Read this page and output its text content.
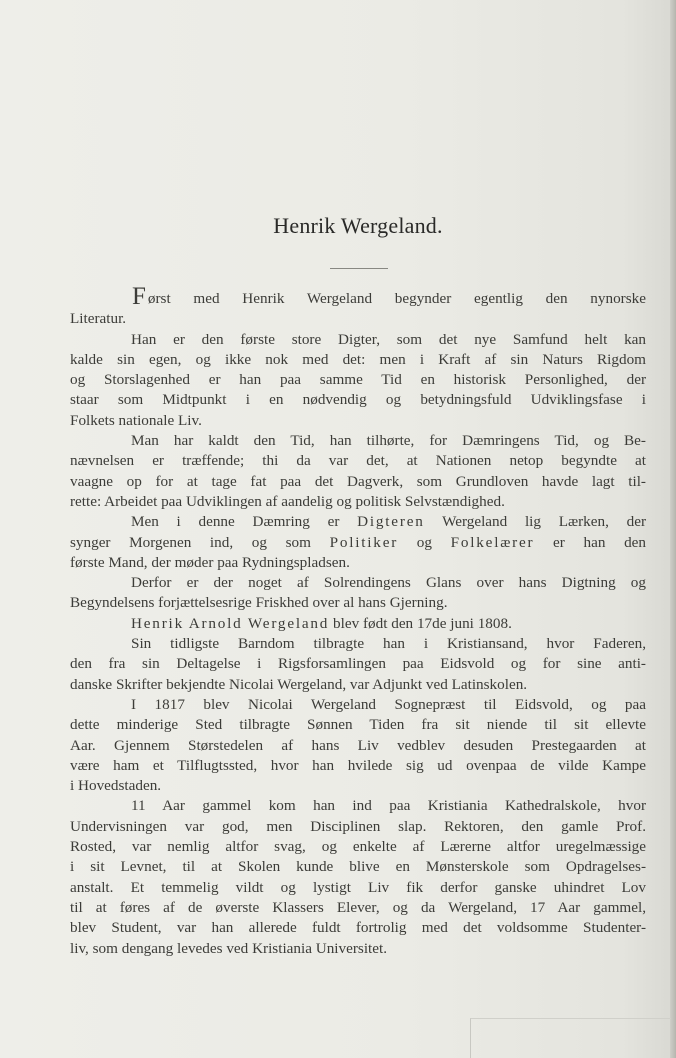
Henrik Wergeland.

Først med Henrik Wergeland begynder egentlig den nynorske

Literatur.

Han er den første store Digter, som det nye Samfund helt kan

kalde sin egen, og ikke nok med det: men i Kraft af sin Naturs Rigdom

og Storslagenhed er han paa samme Tid en historisk Personlighed, der

staar som Midtpunkt i en nødvendig og betydningsfuld Udviklingsfase i

Folkets nationale Liv.

Man har kaldt den Tid, han tilhørte, for Dæmringens Tid, og Be-

nævnelsen er træffende; thi da var det, at Nationen netop begyndte at

vaagne op for at tage fat paa det Dagverk, som Grundloven havde lagt til-

rette: Arbeidet paa Udviklingen af aandelig og politisk Selvstændighed.

Men i denne Dæmring er Digteren Wergeland lig Lærken, der

synger Morgenen ind, og som Politiker og Folkelærer er han den

første Mand, der møder paa Rydningspladsen.

Derfor er der noget af Solrendingens Glans over hans Digtning og

Begyndelsens forjættelsesrige Friskhed over al hans Gjerning.

Henrik Arnold Wergeland blev født den 17de juni 1808.

Sin tidligste Barndom tilbragte han i Kristiansand, hvor Faderen,

den fra sin Deltagelse i Rigsforsamlingen paa Eidsvold og for sine anti-

danske Skrifter bekjendte Nicolai Wergeland, var Adjunkt ved Latinskolen.

I 1817 blev Nicolai Wergeland Sognepræst til Eidsvold, og paa

dette minderige Sted tilbragte Sønnen Tiden fra sit niende til sit ellevte

Aar. Gjennem Størstedelen af hans Liv vedblev desuden Prestegaarden at

være ham et Tilflugtssted, hvor han hvilede sig ud ovenpaa de vilde Kampe

i Hovedstaden.

11 Aar gammel kom han ind paa Kristiania Kathedralskole, hvor

Undervisningen var god, men Disciplinen slap. Rektoren, den gamle Prof.

Rosted, var nemlig altfor svag, og enkelte af Lærerne altfor uregelmæssige

i sit Levnet, til at Skolen kunde blive en Mønsterskole som Opdragelses-

anstalt. Et temmelig vildt og lystigt Liv fik derfor ganske uhindret Lov

til at føres af de øverste Klassers Elever, og da Wergeland, 17 Aar gammel,

blev Student, var han allerede fuldt fortrolig med det voldsomme Studenter-

liv, som dengang levedes ved Kristiania Universitet.
